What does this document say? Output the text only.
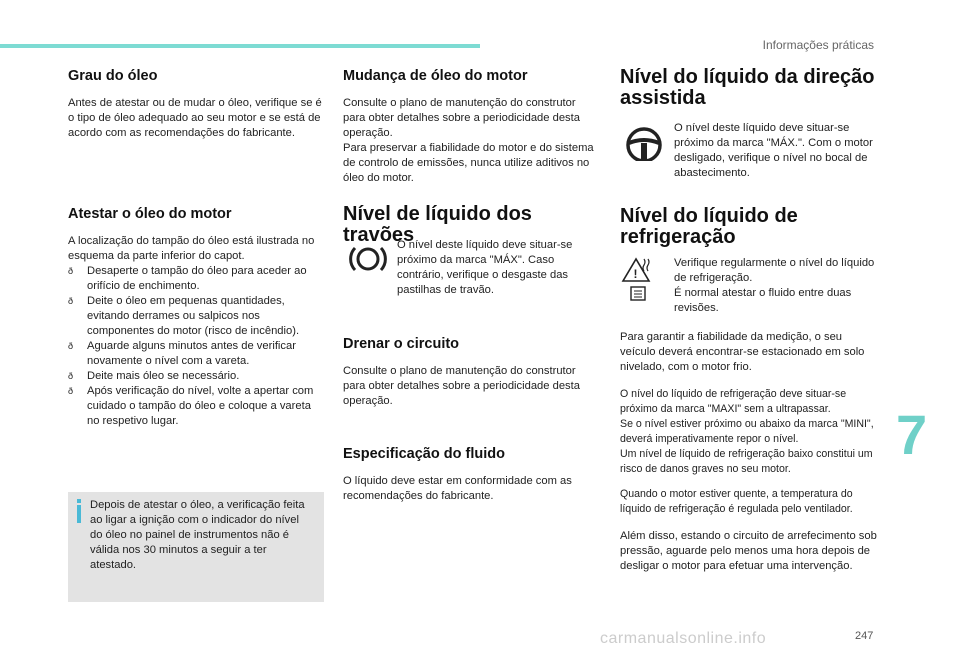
Informações práticas
Grau do óleo

Antes de atestar ou de mudar o óleo, verifique se é o tipo de óleo adequado ao seu motor e se está de acordo com as recomendações do fabricante.

Atestar o óleo do motor

A localização do tampão do óleo está ilustrada no esquema da parte inferior do capot.

ð Desaperte o tampão do óleo para aceder ao orifício de enchimento.
ð Deite o óleo em pequenas quantidades, evitando derrames ou salpicos nos componentes do motor (risco de incêndio).
ð Aguarde alguns minutos antes de verificar novamente o nível com a vareta.
ð Deite mais óleo se necessário.
ð Após verificação do nível, volte a apertar com cuidado o tampão do óleo e coloque a vareta no respetivo lugar.

Depois de atestar o óleo, a verificação feita ao ligar a ignição com o indicador do nível do óleo no painel de instrumentos não é válida nos 30 minutos a seguir a ter atestado.

Mudança de óleo do motor

Consulte o plano de manutenção do construtor para obter detalhes sobre a periodicidade desta operação.

Para preservar a fiabilidade do motor e do sistema de controlo de emissões, nunca utilize aditivos no óleo do motor.

Nível de líquido dos travões

O nível deste líquido deve situar-se próximo da marca "MÁX". Caso contrário, verifique o desgaste das pastilhas de travão.

Drenar o circuito

Consulte o plano de manutenção do construtor para obter detalhes sobre a periodicidade desta operação.

Especificação do fluido

O líquido deve estar em conformidade com as recomendações do fabricante.

Nível do líquido da direção assistida

O nível deste líquido deve situar-se próximo da marca "MÁX.". Com o motor desligado, verifique o nível no bocal de abastecimento.

Nível do líquido de refrigeração
!

Verifique regularmente o nível do líquido de refrigeração.
É normal atestar o fluido entre duas revisões.

Para garantir a fiabilidade da medição, o seu veículo deverá encontrar-se estacionado em solo nivelado, com o motor frio.

O nível do líquido de refrigeração deve situar-se próximo da marca "MAXI" sem a ultrapassar.
Se o nível estiver próximo ou abaixo da marca "MINI", deverá imperativamente repor o nível.
Um nível de líquido de refrigeração baixo constitui um risco de danos graves no seu motor.

Quando o motor estiver quente, a temperatura do líquido de refrigeração é regulada pelo ventilador.

Além disso, estando o circuito de arrefecimento sob pressão, aguarde pelo menos uma hora depois de desligar o motor para efetuar uma intervenção.

7
247
carmanualsonline.info
